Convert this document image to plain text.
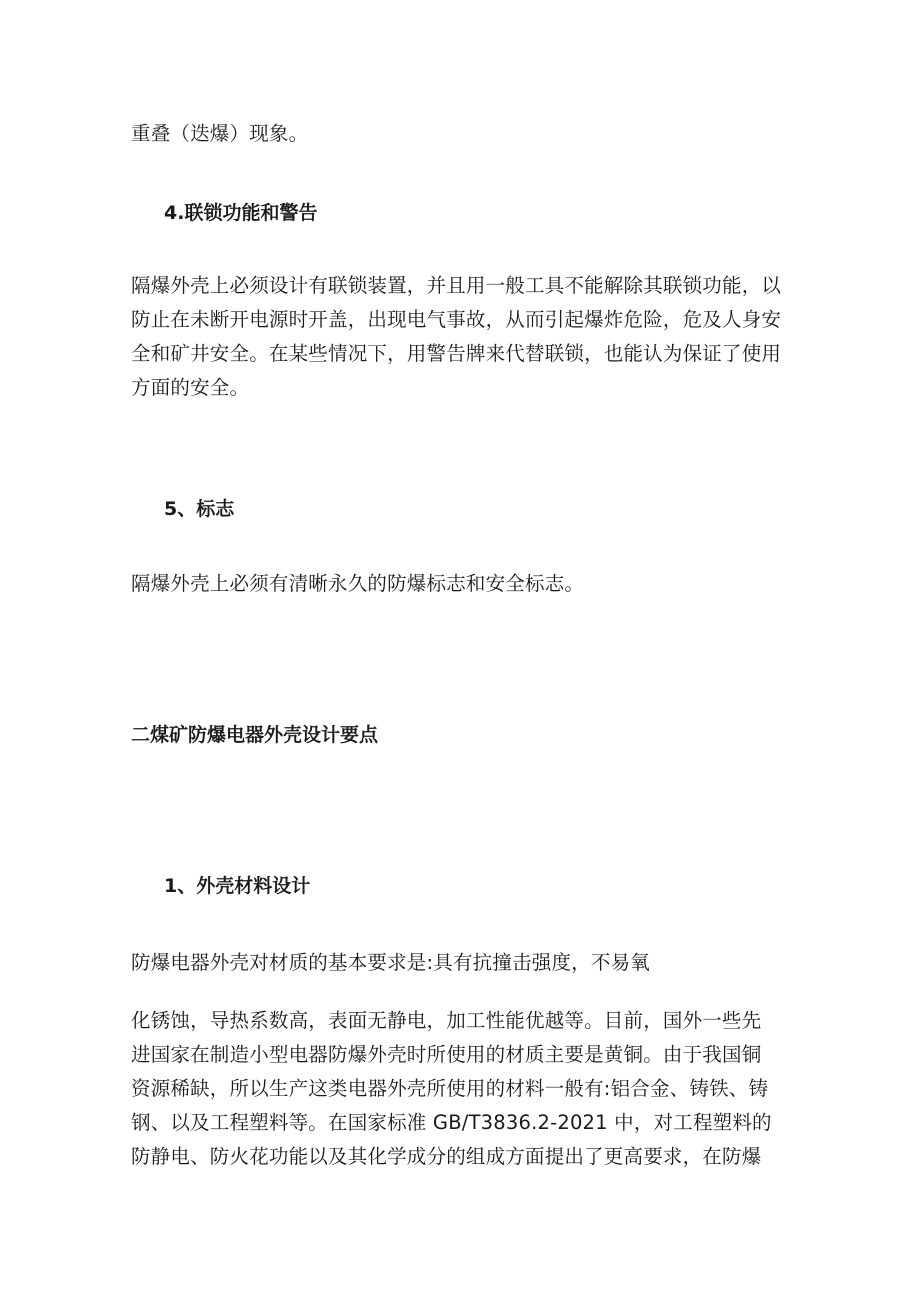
重叠（迭爆）现象。

4.联锁功能和警告

隔爆外壳上必须设计有联锁装置，并且用一般工具不能解除其联锁功能，以
防止在未断开电源时开盖，出现电气事故，从而引起爆炸危险，危及人身安
全和矿井安全。在某些情况下，用警告牌来代替联锁，也能认为保证了使用
方面的安全。

5、标志

隔爆外壳上必须有清晰永久的防爆标志和安全标志。

二煤矿防爆电器外壳设计要点
1、外壳材料设计

防爆电器外壳对材质的基本要求是:具有抗撞击强度，不易氧

化锈蚀，导热系数高，表面无静电，加工性能优越等。目前，国外一些先
进国家在制造小型电器防爆外壳时所使用的材质主要是黄铜。由于我国铜
资源稀缺，所以生产这类电器外壳所使用的材料一般有:铝合金、铸铁、铸
钢、以及工程塑料等。在国家标准 GB/T3836.2-2021 中，对工程塑料的
防静电、防火花功能以及其化学成分的组成方面提出了更高要求，在防爆
